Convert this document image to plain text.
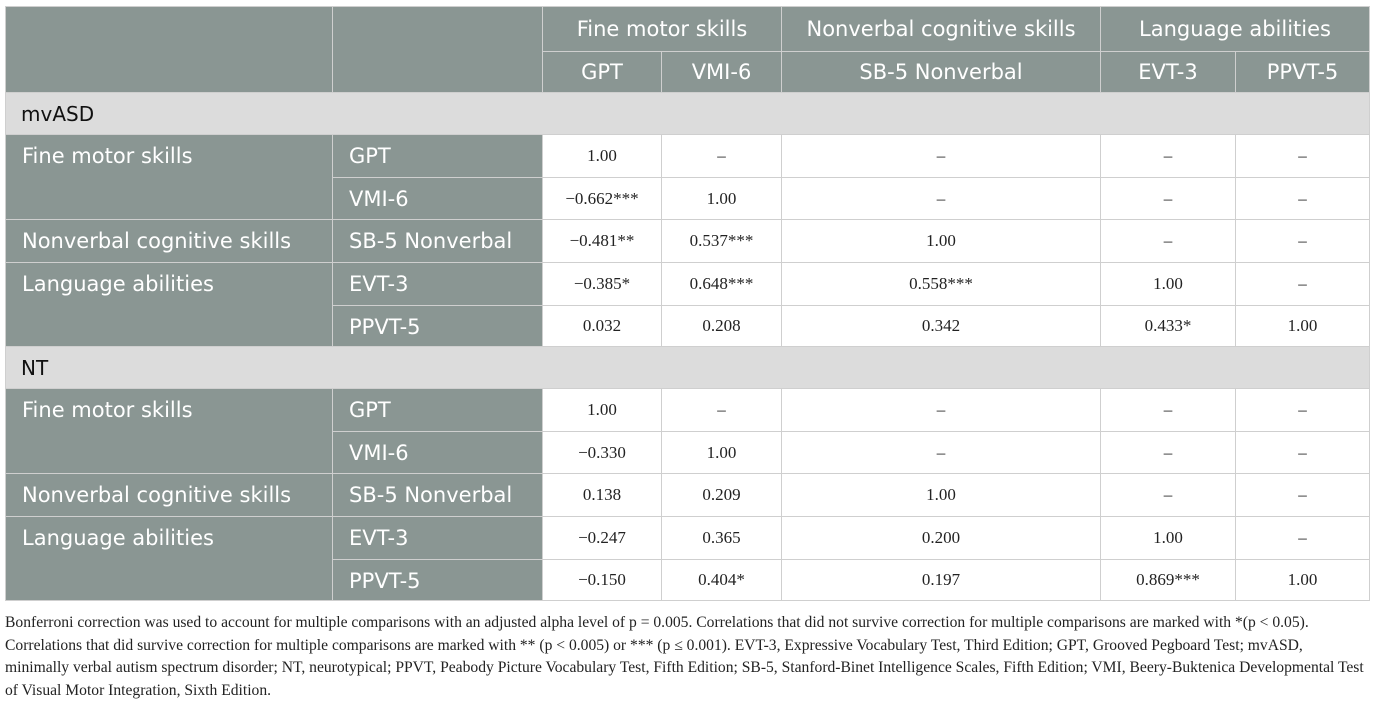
		Fine motor skills		Nonverbal cognitive skills	Language abilities	
		GPT	VMI-6	SB-5 Nonverbal	EVT-3	PPVT-5
mvASD						

Fine motor skills	GPT	1.00	–	–	–	–

	VMI-6	−0.662***	1.00	–	–	–

Nonverbal cognitive skills	SB-5 Nonverbal	−0.481**	0.537***	1.00	–	–

Language abilities	EVT-3	−0.385*	0.648***	0.558***	1.00	–

	PPVT-5	0.032	0.208	0.342	0.433*	1.00
NT						

Fine motor skills	GPT	1.00	–	–	–	–

	VMI-6	−0.330	1.00	–	–	–

Nonverbal cognitive skills	SB-5 Nonverbal	0.138	0.209	1.00	–	–

Language abilities	EVT-3	−0.247	0.365	0.200	1.00	–

	PPVT-5	−0.150	0.404*	0.197	0.869***	1.00
Bonferroni correction was used to account for multiple comparisons with an adjusted alpha level of p = 0.005. Correlations that did not survive correction for multiple comparisons are marked with *(p < 0.05). Correlations that did survive correction for multiple comparisons are marked with ** (p < 0.005) or *** (p ≤ 0.001). EVT-3, Expressive Vocabulary Test, Third Edition; GPT, Grooved Pegboard Test; mvASD, minimally verbal autism spectrum disorder; NT, neurotypical; PPVT, Peabody Picture Vocabulary Test, Fifth Edition; SB-5, Stanford-Binet Intelligence Scales, Fifth Edition; VMI, Beery-Buktenica Developmental Test of Visual Motor Integration, Sixth Edition.
